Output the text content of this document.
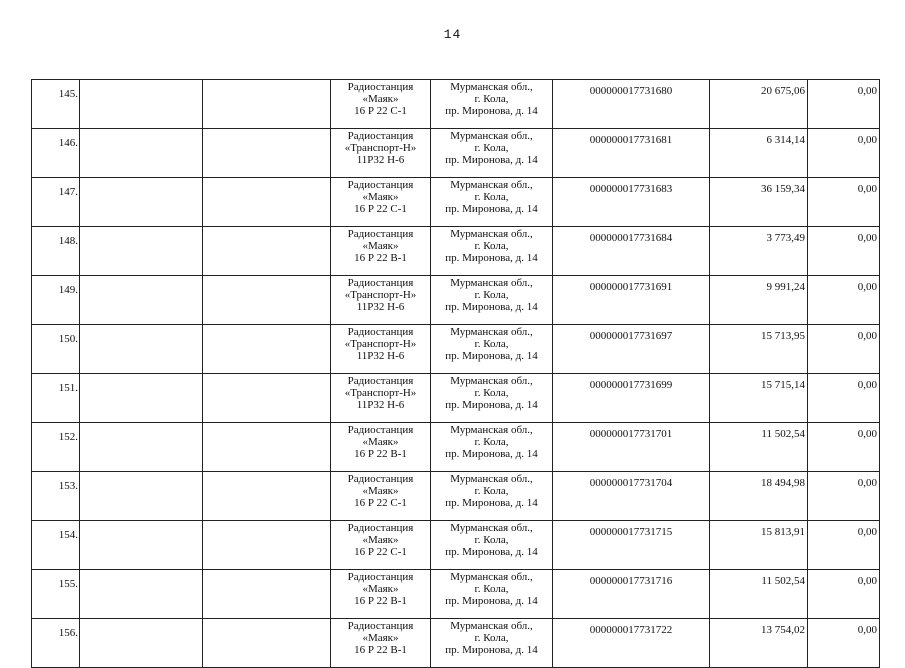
14
145.			Радиостанция
«Маяк»
16 Р 22 С-1	Мурманская обл.,
г. Кола,
пр. Миронова, д. 14	000000017731680	20 675,06	0,00
146.			Радиостанция
«Транспорт-Н»
11Р32 Н-6	Мурманская обл.,
г. Кола,
пр. Миронова, д. 14	000000017731681	6 314,14	0,00
147.			Радиостанция
«Маяк»
16 Р 22 С-1	Мурманская обл.,
г. Кола,
пр. Миронова, д. 14	000000017731683	36 159,34	0,00
148.			Радиостанция
«Маяк»
16 Р 22 В-1	Мурманская обл.,
г. Кола,
пр. Миронова, д. 14	000000017731684	3 773,49	0,00
149.			Радиостанция
«Транспорт-Н»
11Р32 Н-6	Мурманская обл.,
г. Кола,
пр. Миронова, д. 14	000000017731691	9 991,24	0,00
150.			Радиостанция
«Транспорт-Н»
11Р32 Н-6	Мурманская обл.,
г. Кола,
пр. Миронова, д. 14	000000017731697	15 713,95	0,00
151.			Радиостанция
«Транспорт-Н»
11Р32 Н-6	Мурманская обл.,
г. Кола,
пр. Миронова, д. 14	000000017731699	15 715,14	0,00
152.			Радиостанция
«Маяк»
16 Р 22 В-1	Мурманская обл.,
г. Кола,
пр. Миронова, д. 14	000000017731701	11 502,54	0,00
153.			Радиостанция
«Маяк»
16 Р 22 С-1	Мурманская обл.,
г. Кола,
пр. Миронова, д. 14	000000017731704	18 494,98	0,00
154.			Радиостанция
«Маяк»
16 Р 22 С-1	Мурманская обл.,
г. Кола,
пр. Миронова, д. 14	000000017731715	15 813,91	0,00
155.			Радиостанция
«Маяк»
16 Р 22 В-1	Мурманская обл.,
г. Кола,
пр. Миронова, д. 14	000000017731716	11 502,54	0,00
156.			Радиостанция
«Маяк»
16 Р 22 В-1	Мурманская обл.,
г. Кола,
пр. Миронова, д. 14	000000017731722	13 754,02	0,00
